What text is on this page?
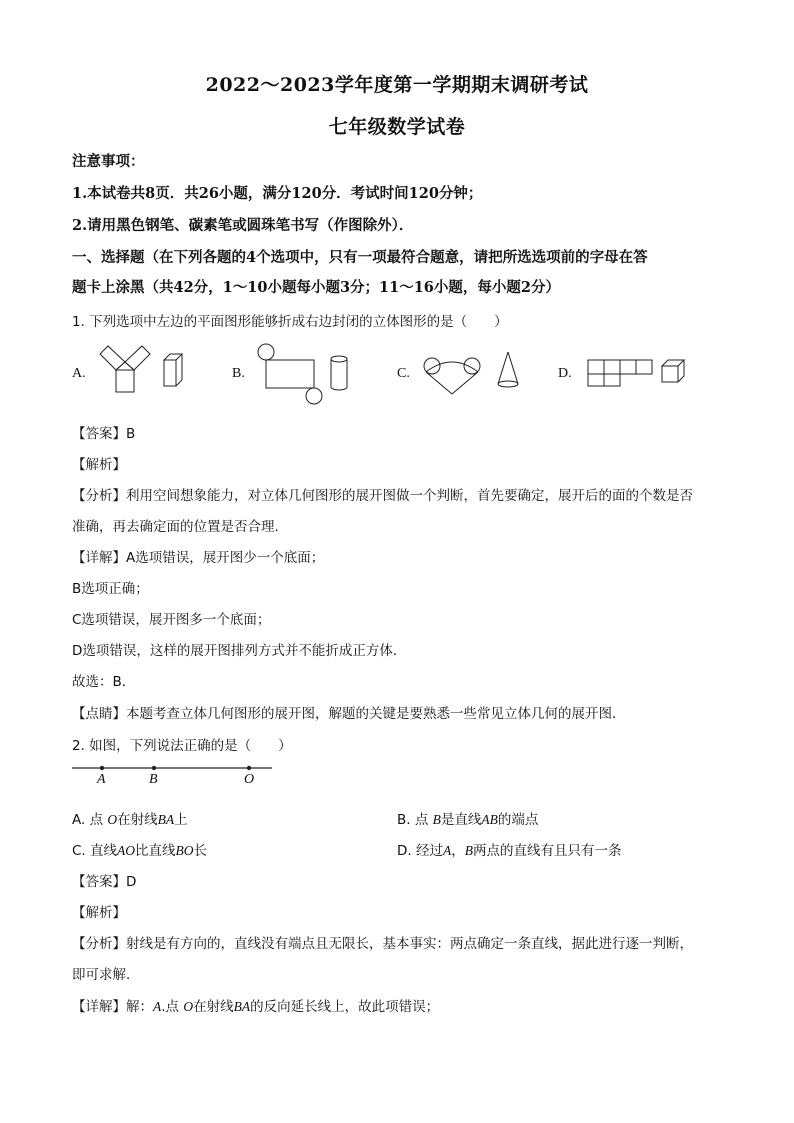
2022～2023学年度第一学期期末调研考试
七年级数学试卷
注意事项：
1.本试卷共8页．共26小题，满分120分．考试时间120分钟；
2.请用黑色钢笔、碳素笔或圆珠笔书写（作图除外）．
一、选择题（在下列各题的4个选项中，只有一项最符合题意，请把所选选项前的字母在答
题卡上涂黑（共42分，1～10小题每小题3分；11～16小题，每小题2分）
1. 下列选项中左边的平面图形能够折成右边封闭的立体图形的是（　　）
A.	B.	C.	D.
【答案】B
【解析】
【分析】利用空间想象能力，对立体几何图形的展开图做一个判断，首先要确定，展开后的面的个数是否
准确，再去确定面的位置是否合理．
【详解】A选项错误，展开图少一个底面；
B选项正确；
C选项错误，展开图多一个底面；
D选项错误，这样的展开图排列方式并不能折成正方体．
故选：B．
【点睛】本题考查立体几何图形的展开图，解题的关键是要熟悉一些常见立体几何的展开图．
2. 如图，下列说法正确的是（　　）
A	B	O
A. 点 O在射线BA上	B. 点 B是直线AB的端点
C. 直线AO比直线BO长	D. 经过A，B两点的直线有且只有一条
【答案】D
【解析】
【分析】射线是有方向的，直线没有端点且无限长，基本事实：两点确定一条直线，据此进行逐一判断，
即可求解．
【详解】解：A.点 O在射线BA的反向延长线上，故此项错误；
